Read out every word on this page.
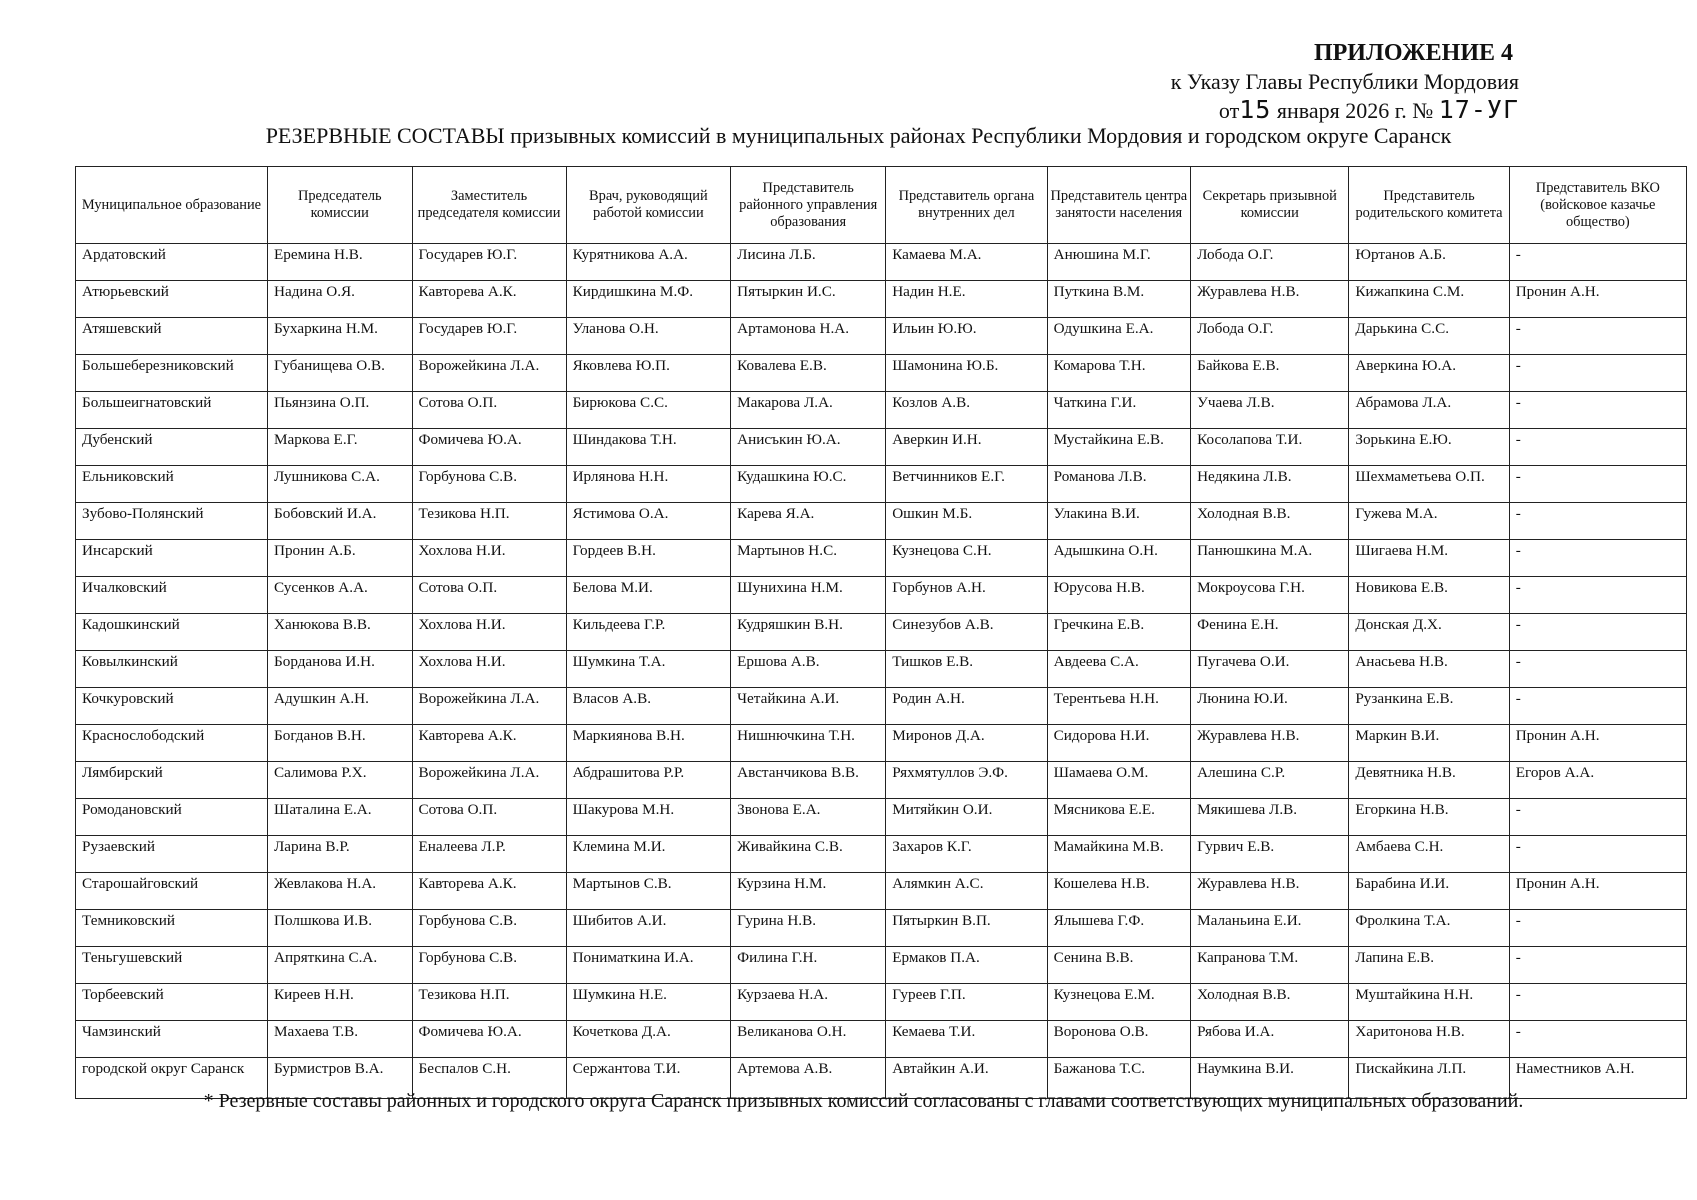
ПРИЛОЖЕНИЕ 4
к Указу Главы Республики Мордовия
от15 января 2026 г. № 17-УГ
РЕЗЕРВНЫЕ СОСТАВЫ призывных комиссий в муниципальных районах Республики Мордовия и городском округе Саранск
Муниципальное образование	Председатель комиссии	Заместитель председателя комиссии	Врач, руководящий работой комиссии	Представитель районного управления образования	Представитель органа внутренних дел	Представитель центра занятости населения	Секретарь призывной комиссии	Представитель родительского комитета	Представитель ВКО (войсковое казачье общество)
Ардатовский	Еремина Н.В.	Государев Ю.Г.	Курятникова А.А.	Лисина Л.Б.	Камаева М.А.	Анюшина М.Г.	Лобода О.Г.	Юртанов А.Б.	-
Атюрьевский	Надина О.Я.	Кавторева А.К.	Кирдишкина М.Ф.	Пятыркин И.С.	Надин Н.Е.	Путкина В.М.	Журавлева Н.В.	Кижапкина С.М.	Пронин А.Н.
Атяшевский	Бухаркина Н.М.	Государев Ю.Г.	Уланова О.Н.	Артамонова Н.А.	Ильин Ю.Ю.	Одушкина Е.А.	Лобода О.Г.	Дарькина С.С.	-
Большеберезниковский	Губанищева О.В.	Ворожейкина Л.А.	Яковлева Ю.П.	Ковалева Е.В.	Шамонина Ю.Б.	Комарова Т.Н.	Байкова Е.В.	Аверкина Ю.А.	-
Большеигнатовский	Пьянзина О.П.	Сотова О.П.	Бирюкова С.С.	Макарова Л.А.	Козлов А.В.	Чаткина Г.И.	Учаева Л.В.	Абрамова Л.А.	-
Дубенский	Маркова Е.Г.	Фомичева Ю.А.	Шиндакова Т.Н.	Анисъкин Ю.А.	Аверкин И.Н.	Мустайкина Е.В.	Косолапова Т.И.	Зорькина Е.Ю.	-
Ельниковский	Лушникова С.А.	Горбунова С.В.	Ирлянова Н.Н.	Кудашкина Ю.С.	Ветчинников Е.Г.	Романова Л.В.	Недякина Л.В.	Шехмаметьева О.П.	-
Зубово-Полянский	Бобовский И.А.	Тезикова Н.П.	Ястимова О.А.	Карева Я.А.	Ошкин М.Б.	Улакина В.И.	Холодная В.В.	Гужева М.А.	-
Инсарский	Пронин А.Б.	Хохлова Н.И.	Гордеев В.Н.	Мартынов Н.С.	Кузнецова С.Н.	Адышкина О.Н.	Панюшкина М.А.	Шигаева Н.М.	-
Ичалковский	Сусенков А.А.	Сотова О.П.	Белова М.И.	Шунихина Н.М.	Горбунов А.Н.	Юрусова Н.В.	Мокроусова Г.Н.	Новикова Е.В.	-
Кадошкинский	Ханюкова В.В.	Хохлова Н.И.	Кильдеева Г.Р.	Кудряшкин В.Н.	Синезубов А.В.	Гречкина Е.В.	Фенина Е.Н.	Донская Д.Х.	-
Ковылкинский	Борданова И.Н.	Хохлова Н.И.	Шумкина Т.А.	Ершова А.В.	Тишков Е.В.	Авдеева С.А.	Пугачева О.И.	Анасьева Н.В.	-
Кочкуровский	Адушкин А.Н.	Ворожейкина Л.А.	Власов А.В.	Четайкина А.И.	Родин А.Н.	Терентьева Н.Н.	Люнина Ю.И.	Рузанкина Е.В.	-
Краснослободский	Богданов В.Н.	Кавторева А.К.	Маркиянова В.Н.	Нишнючкина Т.Н.	Миронов Д.А.	Сидорова Н.И.	Журавлева Н.В.	Маркин В.И.	Пронин А.Н.
Лямбирский	Салимова Р.Х.	Ворожейкина Л.А.	Абдрашитова Р.Р.	Австанчикова В.В.	Ряхмятуллов Э.Ф.	Шамаева О.М.	Алешина С.Р.	Девятника Н.В.	Егоров А.А.
Ромодановский	Шаталина Е.А.	Сотова О.П.	Шакурова М.Н.	Звонова Е.А.	Митяйкин О.И.	Мясникова Е.Е.	Мякишева Л.В.	Егоркина Н.В.	-
Рузаевский	Ларина В.Р.	Еналеева Л.Р.	Клемина М.И.	Живайкина С.В.	Захаров К.Г.	Мамайкина М.В.	Гурвич Е.В.	Амбаева С.Н.	-
Старошайговский	Жевлакова Н.А.	Кавторева А.К.	Мартынов С.В.	Курзина Н.М.	Алямкин А.С.	Кошелева Н.В.	Журавлева Н.В.	Барабина И.И.	Пронин А.Н.
Темниковский	Полшкова И.В.	Горбунова С.В.	Шибитов А.И.	Гурина Н.В.	Пятыркин В.П.	Ялышева Г.Ф.	Маланьина Е.И.	Фролкина Т.А.	-
Теньгушевский	Апряткина С.А.	Горбунова С.В.	Пониматкина И.А.	Филина Г.Н.	Ермаков П.А.	Сенина В.В.	Капранова Т.М.	Лапина Е.В.	-
Торбеевский	Киреев Н.Н.	Тезикова Н.П.	Шумкина Н.Е.	Курзаева Н.А.	Гуреев Г.П.	Кузнецова Е.М.	Холодная В.В.	Муштайкина Н.Н.	-
Чамзинский	Махаева Т.В.	Фомичева Ю.А.	Кочеткова Д.А.	Великанова О.Н.	Кемаева Т.И.	Воронова О.В.	Рябова И.А.	Харитонова Н.В.	-
городской округ Саранск	Бурмистров В.А.	Беспалов С.Н.	Сержантова Т.И.	Артемова А.В.	Автайкин А.И.	Бажанова Т.С.	Наумкина В.И.	Пискайкина Л.П.	Наместников А.Н.
* Резервные составы районных и городского округа Саранск призывных комиссий согласованы с главами соответствующих муниципальных образований.
